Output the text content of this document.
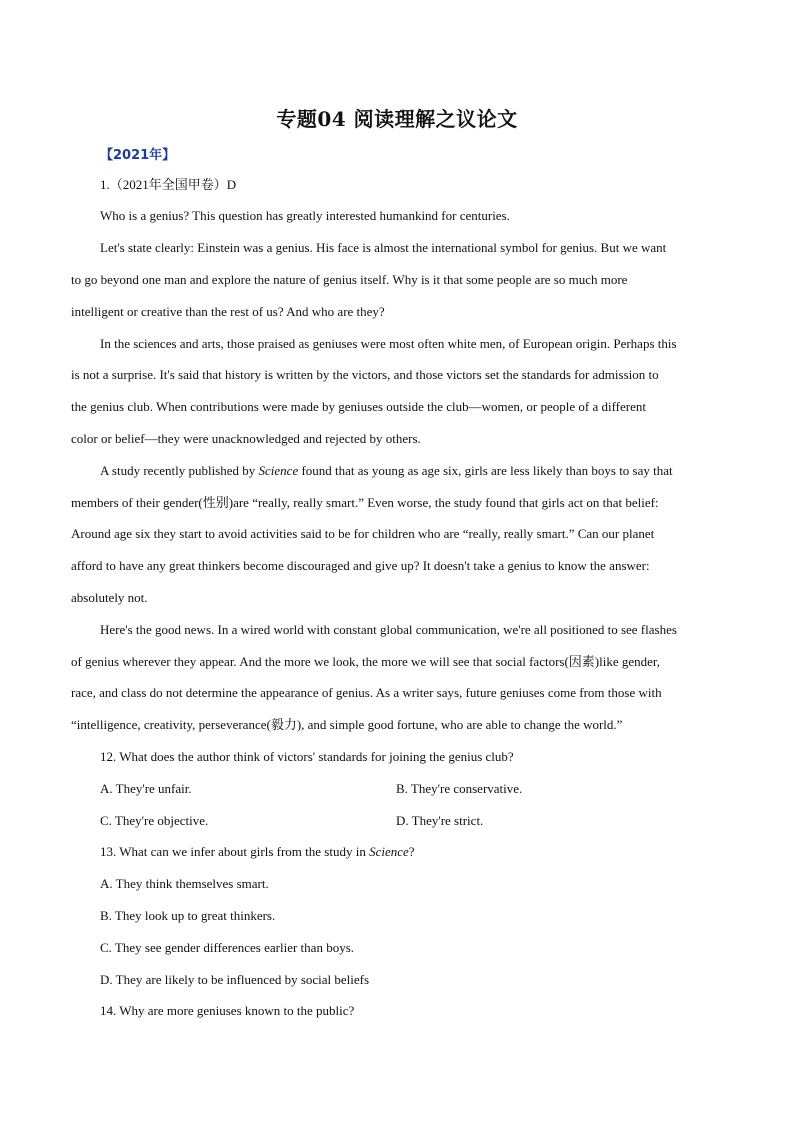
专题04 阅读理解之议论文
【2021年】
1.（2021年全国甲卷）D
Who is a genius? This question has greatly interested humankind for centuries.
Let's state clearly: Einstein was a genius. His face is almost the international symbol for genius. But we want
to go beyond one man and explore the nature of genius itself. Why is it that some people are so much more
intelligent or creative than the rest of us? And who are they?
In the sciences and arts, those praised as geniuses were most often white men, of European origin. Perhaps this
is not a surprise. It's said that history is written by the victors, and those victors set the standards for admission to
the genius club. When contributions were made by geniuses outside the club—women, or people of a different
color or belief—they were unacknowledged and rejected by others.
A study recently published by Science found that as young as age six, girls are less likely than boys to say that
members of their gender(性别)are “really, really smart.” Even worse, the study found that girls act on that belief:
Around age six they start to avoid activities said to be for children who are “really, really smart.” Can our planet
afford to have any great thinkers become discouraged and give up? It doesn't take a genius to know the answer:
absolutely not.
Here's the good news. In a wired world with constant global communication, we're all positioned to see flashes
of genius wherever they appear. And the more we look, the more we will see that social factors(因素)like gender,
race, and class do not determine the appearance of genius. As a writer says, future geniuses come from those with
“intelligence, creativity, perseverance(毅力), and simple good fortune, who are able to change the world.”
12. What does the author think of victors' standards for joining the genius club?
A. They're unfair.	B. They're conservative.
C. They're objective.	D. They're strict.
13. What can we infer about girls from the study in Science?
A. They think themselves smart.
B. They look up to great thinkers.
C. They see gender differences earlier than boys.
D. They are likely to be influenced by social beliefs
14. Why are more geniuses known to the public?
